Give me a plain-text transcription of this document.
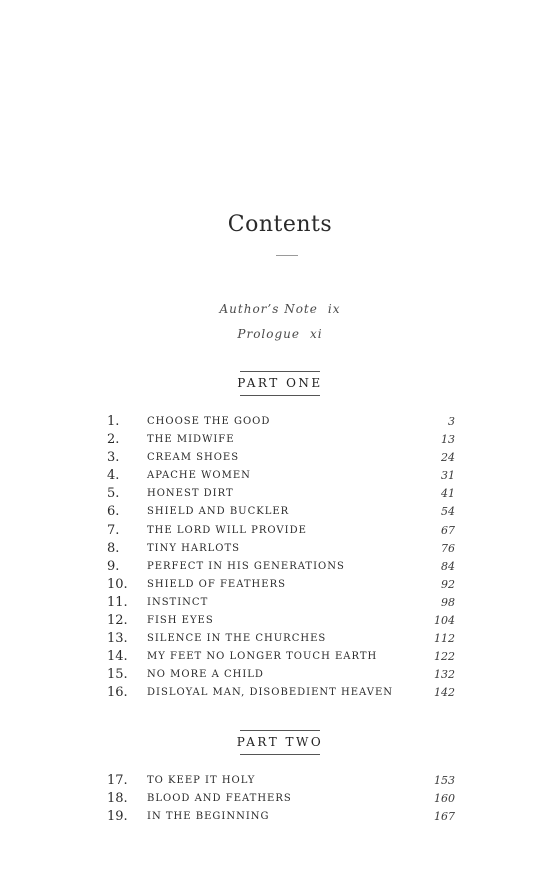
Contents
Author’s Note ix
Prologue xi
PART ONE
1.	CHOOSE THE GOOD	3
2.	THE MIDWIFE	13
3.	CREAM SHOES	24
4.	APACHE WOMEN	31
5.	HONEST DIRT	41
6.	SHIELD AND BUCKLER	54
7.	THE LORD WILL PROVIDE	67
8.	TINY HARLOTS	76
9.	PERFECT IN HIS GENERATIONS	84
10. SHIELD OF FEATHERS	92
11. INSTINCT	98
12. FISH EYES	104
13. SILENCE IN THE CHURCHES	112
14. MY FEET NO LONGER TOUCH EARTH	122
15. NO MORE A CHILD	132
16. DISLOYAL MAN, DISOBEDIENT HEAVEN	142
PART TWO
17. TO KEEP IT HOLY	153
18. BLOOD AND FEATHERS	160
19. IN THE BEGINNING	167
